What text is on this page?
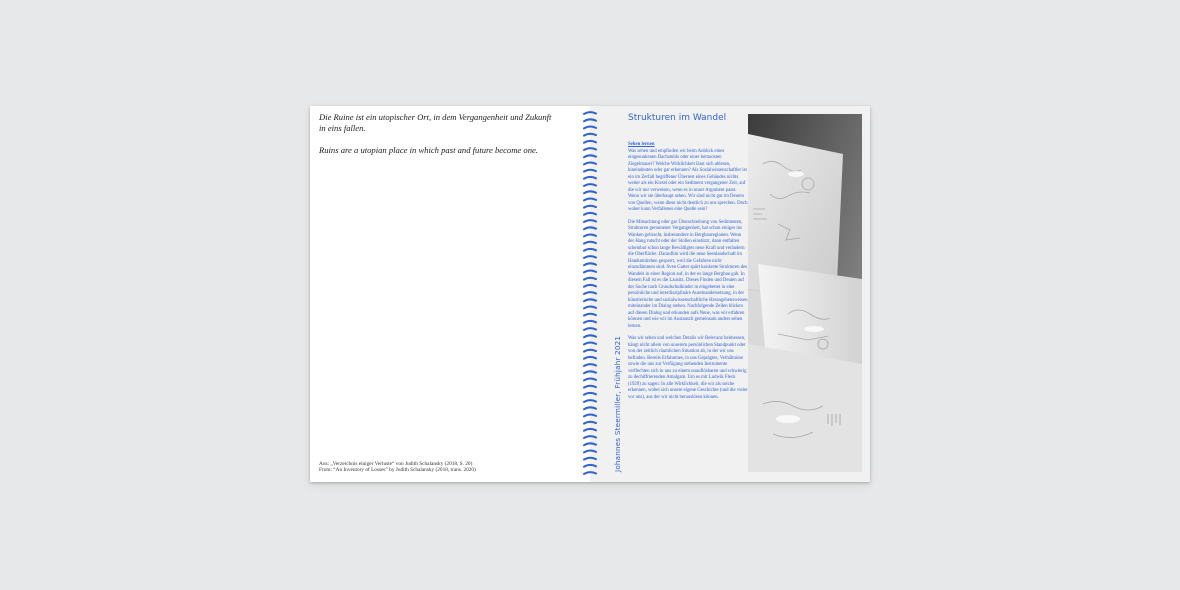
Die Ruine ist ein utopischer Ort, in dem Vergangenheit und Zukunft in eins fallen.

Ruins are a utopian place in which past and future become one.

Aus: „Verzeichnis einiger Verluste“ von Judith Schalansky (2018, S. 20)
From: “An Inventory of Losses” by Judith Schalansky (2018, trans. 2020)	Johannes Steermiller, Frühjahr 2021
Strukturen im Wandel
Sehen lernen

Was sehen und empfinden wir beim Anblick eines eingesunkenen Dachstuhls oder einer bemoosten Ziegelmauer? Welche Wirklichkeit lässt sich ablesen, hineindeuten oder gar erkennen? Als Sozialwissenschaftler ist ein im Zerfall begriffener Überrest eines Gebäudes nichts weiter als ein Kiesel oder ein Sediment vergangener Zeit, auf die wir nur verweisen, wenn es in unser Argument passt. Wenn wir sie überhaupt sehen. Wir sind nicht gut im Deuten von Quellen, wenn diese nicht deutlich zu uns sprechen. Doch woher kann Verfallenes eine Quelle sein?

Die Mitsachtung oder gar Überschreibung von Sedimenten, Strukturen geronnener Vergangenheit, hat schon einiges ins Wanken gebracht, insbesondere in Bergbauregionen. Wenn der Hang rutscht oder der Stollen einstürzt, dann entfalten scheinbar schon lange Bewältigtes neue Kraft und verändern die Oberfläche. Daraufhin wird die neue Seenlandschaft im Handumdrehen gesperrt, weil die Gefahren nicht einzudämmen sind. Sven Gatter spürt konkrete Strukturen des Wandels in einer Region auf, in der es lange Bergbau gab. In diesem Fall ist es die Lausitz. Dieses Finden und Deuten auf der Suche nach Grundschulkinder in eingebettet in eine persönliche und interdisziplinäre Auseinandersetzung, in der künstlerische und sozialwissenschaftliche Herangehensweisen miteinander im Dialog stehen. Nachfolgende Zeilen blicken auf diesen Dialog und erkunden aufs Neue, was wir erfahren können und wie wir im Austausch gemeinsam anders sehen lernen.

Was wir sehen und welchen Details wir Relevanz beimessen, hängt nicht allein von unserem persönlichen Standpunkt oder von der zeitlich räumlichen Situation ab, in der wir uns befinden. Bereits Erfahrenes, in uns Geprägtes, Verhältnisse sowie die uns zur Verfügung stehenden Instrumente verflechten sich in uns zu einem unauflösbaren und schwierig zu dechiffrierenden Amalgam. Um es mit Ludwik Fleck (1929) zu sagen: In alle Wirklichkeit, die wir als solche erkennen, wobei sich unsere eigene Geschichte (und die vieler vor uns), aus der wir nicht herauslösen können.
